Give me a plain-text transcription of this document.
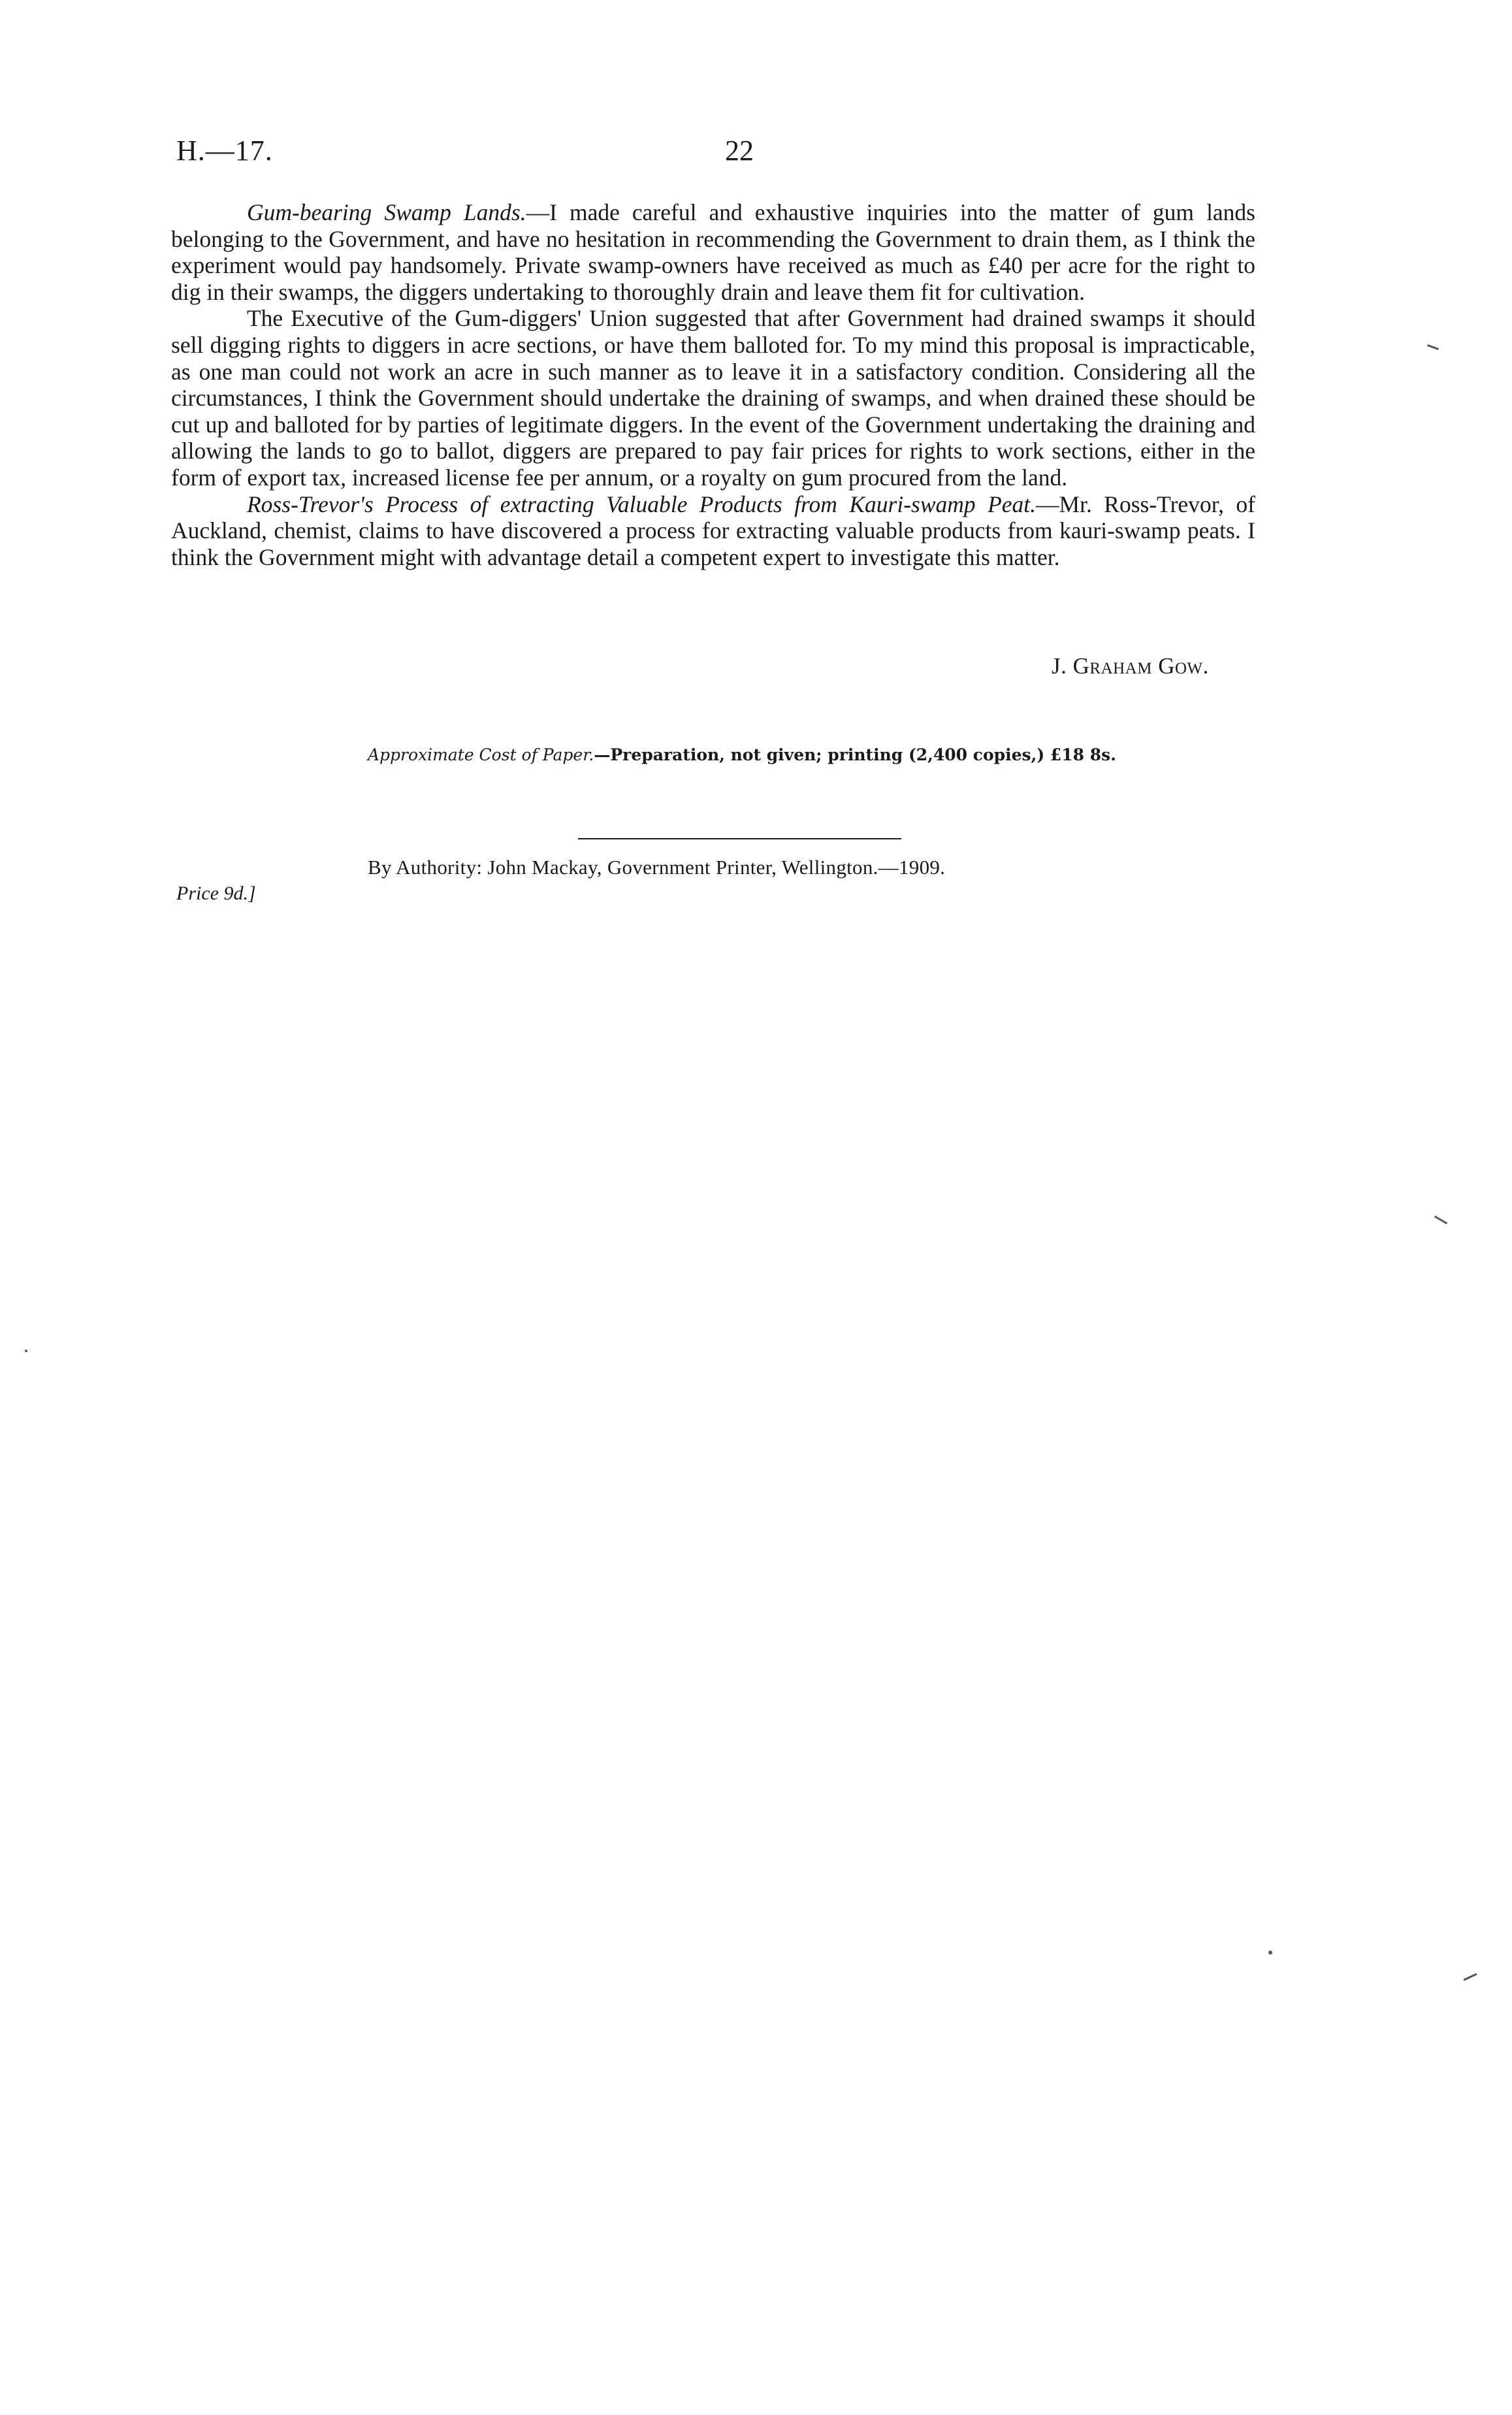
H.—17.	22

Gum-bearing Swamp Lands.—I made careful and exhaustive inquiries into the matter of gum lands belonging to the Government, and have no hesitation in recommending the Government to drain them, as I think the experiment would pay handsomely. Private swamp-owners have received as much as £40 per acre for the right to dig in their swamps, the diggers undertaking to thoroughly drain and leave them fit for cultivation.

The Executive of the Gum-diggers' Union suggested that after Government had drained swamps it should sell digging rights to diggers in acre sections, or have them balloted for. To my mind this proposal is impracticable, as one man could not work an acre in such manner as to leave it in a satisfactory condition. Considering all the circumstances, I think the Government should undertake the draining of swamps, and when drained these should be cut up and balloted for by parties of legitimate diggers. In the event of the Government undertaking the draining and allowing the lands to go to ballot, diggers are prepared to pay fair prices for rights to work sections, either in the form of export tax, increased license fee per annum, or a royalty on gum procured from the land.

Ross-Trevor's Process of extracting Valuable Products from Kauri-swamp Peat.—Mr. Ross-Trevor, of Auckland, chemist, claims to have discovered a process for extracting valuable products from kauri-swamp peats. I think the Government might with advantage detail a competent expert to investigate this matter.

J. Graham Gow.
Approximate Cost of Paper.—Preparation, not given; printing (2,400 copies,) £18 8s.
By Authority: John Mackay, Government Printer, Wellington.—1909.
Price 9d.]
